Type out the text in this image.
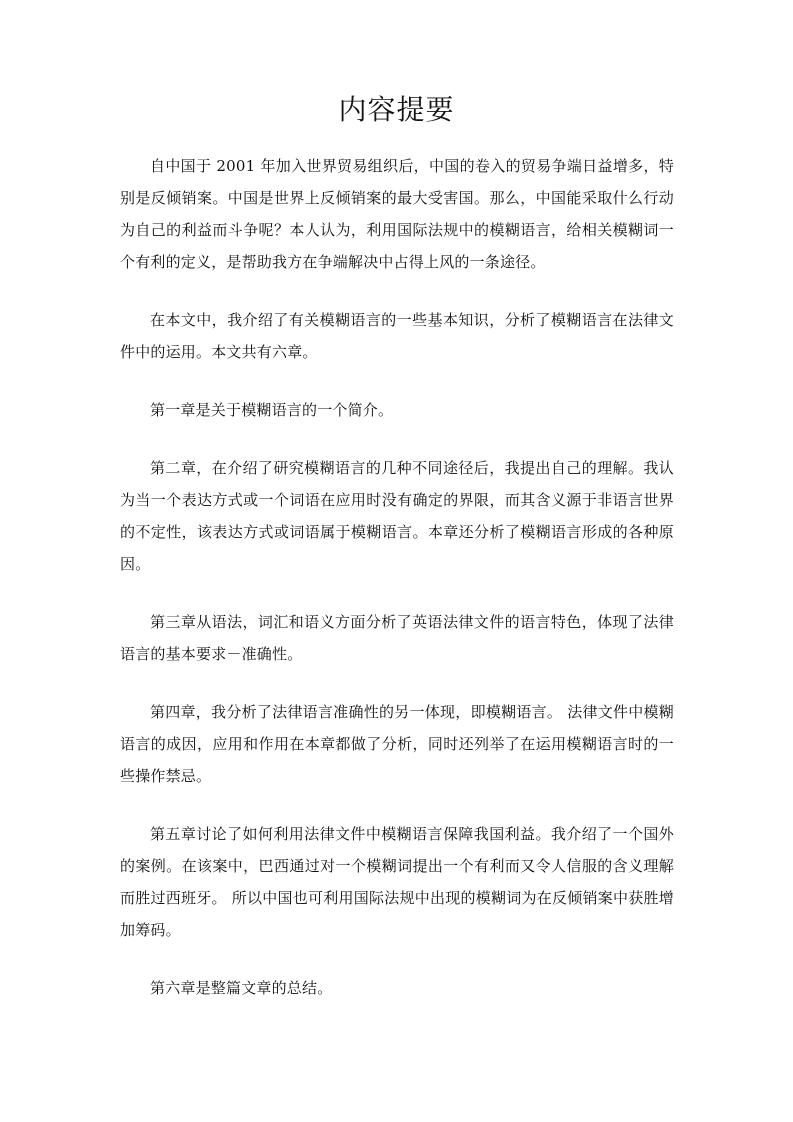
内容提要

自中国于 2001 年加入世界贸易组织后，中国的卷入的贸易争端日益增多，特别是反倾销案。中国是世界上反倾销案的最大受害国。那么，中国能采取什么行动为自己的利益而斗争呢？本人认为，利用国际法规中的模糊语言，给相关模糊词一个有利的定义，是帮助我方在争端解决中占得上风的一条途径。

在本文中，我介绍了有关模糊语言的一些基本知识，分析了模糊语言在法律文件中的运用。本文共有六章。

第一章是关于模糊语言的一个简介。

第二章，在介绍了研究模糊语言的几种不同途径后，我提出自己的理解。我认为当一个表达方式或一个词语在应用时没有确定的界限，而其含义源于非语言世界的不定性，该表达方式或词语属于模糊语言。本章还分析了模糊语言形成的各种原因。

第三章从语法，词汇和语义方面分析了英语法律文件的语言特色，体现了法律语言的基本要求－准确性。

第四章，我分析了法律语言准确性的另一体现，即模糊语言。 法律文件中模糊语言的成因，应用和作用在本章都做了分析，同时还列举了在运用模糊语言时的一些操作禁忌。

第五章讨论了如何利用法律文件中模糊语言保障我国利益。我介绍了一个国外的案例。在该案中，巴西通过对一个模糊词提出一个有利而又令人信服的含义理解而胜过西班牙。 所以中国也可利用国际法规中出现的模糊词为在反倾销案中获胜增加筹码。

第六章是整篇文章的总结。
